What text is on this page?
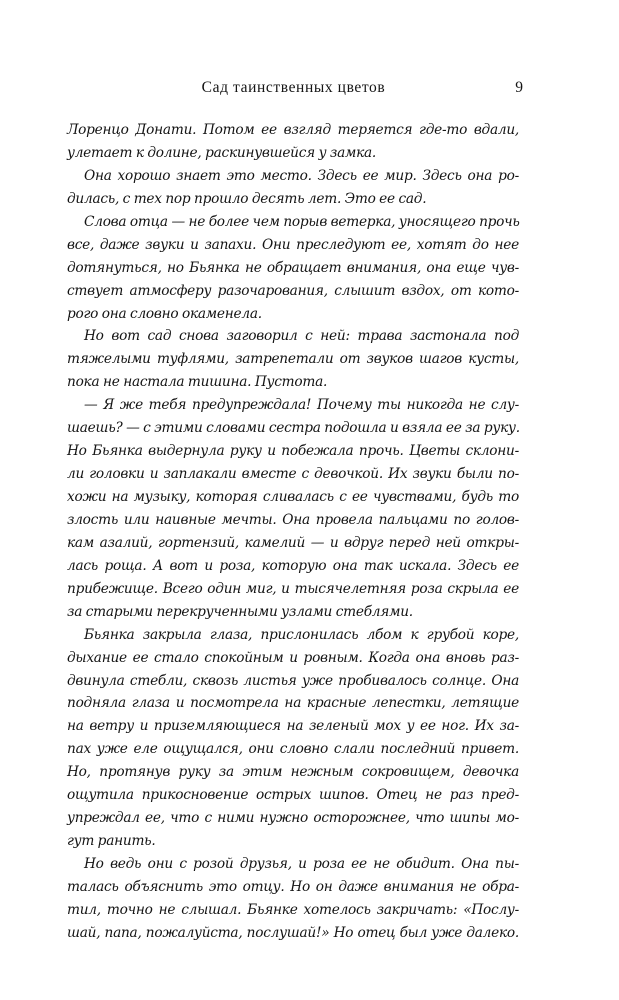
Сад таинственных цветов	9
Лоренцо Донати. Потом ее взгляд теряется где-то вдали,
улетает к долине, раскинувшейся у замка.
Она хорошо знает это место. Здесь ее мир. Здесь она ро-
дилась, с тех пор прошло десять лет. Это ее сад.
Слова отца — не более чем порыв ветерка, уносящего прочь
все, даже звуки и запахи. Они преследуют ее, хотят до нее
дотянуться, но Бьянка не обращает внимания, она еще чув-
ствует атмосферу разочарования, слышит вздох, от кото-
рого она словно окаменела.
Но вот сад снова заговорил с ней: трава застонала под
тяжелыми туфлями, затрепетали от звуков шагов кусты,
пока не настала тишина. Пустота.
— Я же тебя предупреждала! Почему ты никогда не слу-
шаешь? — с этими словами сестра подошла и взяла ее за руку.
Но Бьянка выдернула руку и побежала прочь. Цветы склони-
ли головки и заплакали вместе с девочкой. Их звуки были по-
хожи на музыку, которая сливалась с ее чувствами, будь то
злость или наивные мечты. Она провела пальцами по голов-
кам азалий, гортензий, камелий — и вдруг перед ней откры-
лась роща. А вот и роза, которую она так искала. Здесь ее
прибежище. Всего один миг, и тысячелетняя роза скрыла ее
за старыми перекрученными узлами стеблями.
Бьянка закрыла глаза, прислонилась лбом к грубой коре,
дыхание ее стало спокойным и ровным. Когда она вновь раз-
двинула стебли, сквозь листья уже пробивалось солнце. Она
подняла глаза и посмотрела на красные лепестки, летящие
на ветру и приземляющиеся на зеленый мох у ее ног. Их за-
пах уже еле ощущался, они словно слали последний привет.
Но, протянув руку за этим нежным сокровищем, девочка
ощутила прикосновение острых шипов. Отец не раз пред-
упреждал ее, что с ними нужно осторожнее, что шипы мо-
гут ранить.
Но ведь они с розой друзья, и роза ее не обидит. Она пы-
талась объяснить это отцу. Но он даже внимания не обра-
тил, точно не слышал. Бьянке хотелось закричать: «Послу-
шай, папа, пожалуйста, послушай!» Но отец был уже далеко.
